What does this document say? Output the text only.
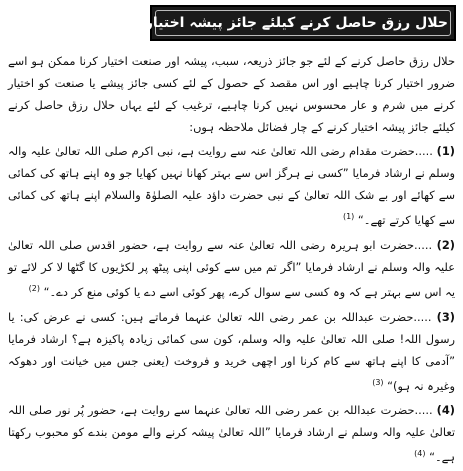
حلال رزق حاصل کرنے کیلئے جائز پیشہ اختیار کرنے کے فضائل

حلال رزق حاصل کرنے کے لئے جو جائز ذریعہ، سبب، پیشہ اور صنعت اختیار کرنا ممکن ہو اسے ضرور اختیار کرنا چاہیے اور اس مقصد کے حصول کے لئے کسی جائز پیشے یا صنعت کو اختیار کرنے میں شرم و عار محسوس نہیں کرنا چاہیے، ترغیب کے لئے یہاں حلال رزق حاصل کرنے کیلئے جائز پیشہ اختیار کرنے کے چار فضائل ملاحظہ ہوں:

(1) .....حضرت مقدام رضی اللہ تعالیٰ عنہ سے روایت ہے، نبی اکرم صلی اللہ تعالیٰ علیہ والہ وسلم نے ارشاد فرمایا ”کسی نے ہرگز اس سے بہتر کھانا نہیں کھایا جو وہ اپنے ہاتھ کی کمائی سے کھائے اور بے شک اللہ تعالیٰ کے نبی حضرت داؤد علیہ الصلوٰۃ والسلام اپنے ہاتھ کی کمائی سے کھایا کرتے تھے۔“ $^{(1)}$

(2) .....حضرت ابو ہریرہ رضی اللہ تعالیٰ عنہ سے روایت ہے، حضور اقدس صلی اللہ تعالیٰ علیہ والہ وسلم نے ارشاد فرمایا ”اگر تم میں سے کوئی اپنی پیٹھ پر لکڑیوں کا گٹھا لا کر لائے تو یہ اس سے بہتر ہے کہ وہ کسی سے سوال کرے، پھر کوئی اسے دے یا کوئی منع کر دے۔“ $^{(2)}$

(3) .....حضرت عبداللہ بن عمر رضی اللہ تعالیٰ عنہما فرماتے ہیں: کسی نے عرض کی: یا رسول اللہ! صلی اللہ تعالیٰ علیہ والہ وسلم، کون سی کمائی زیادہ پاکیزہ ہے؟ ارشاد فرمایا ”آدمی کا اپنے ہاتھ سے کام کرنا اور اچھی خرید و فروخت (یعنی جس میں خیانت اور دھوکہ وغیرہ نہ ہو)“ $^{(3)}$

(4) .....حضرت عبداللہ بن عمر رضی اللہ تعالیٰ عنہما سے روایت ہے، حضور پُر نور صلی اللہ تعالیٰ علیہ والہ وسلم نے ارشاد فرمایا ”اللہ تعالیٰ پیشہ کرنے والے مومن بندے کو محبوب رکھتا ہے۔“ $^{(4)}$
